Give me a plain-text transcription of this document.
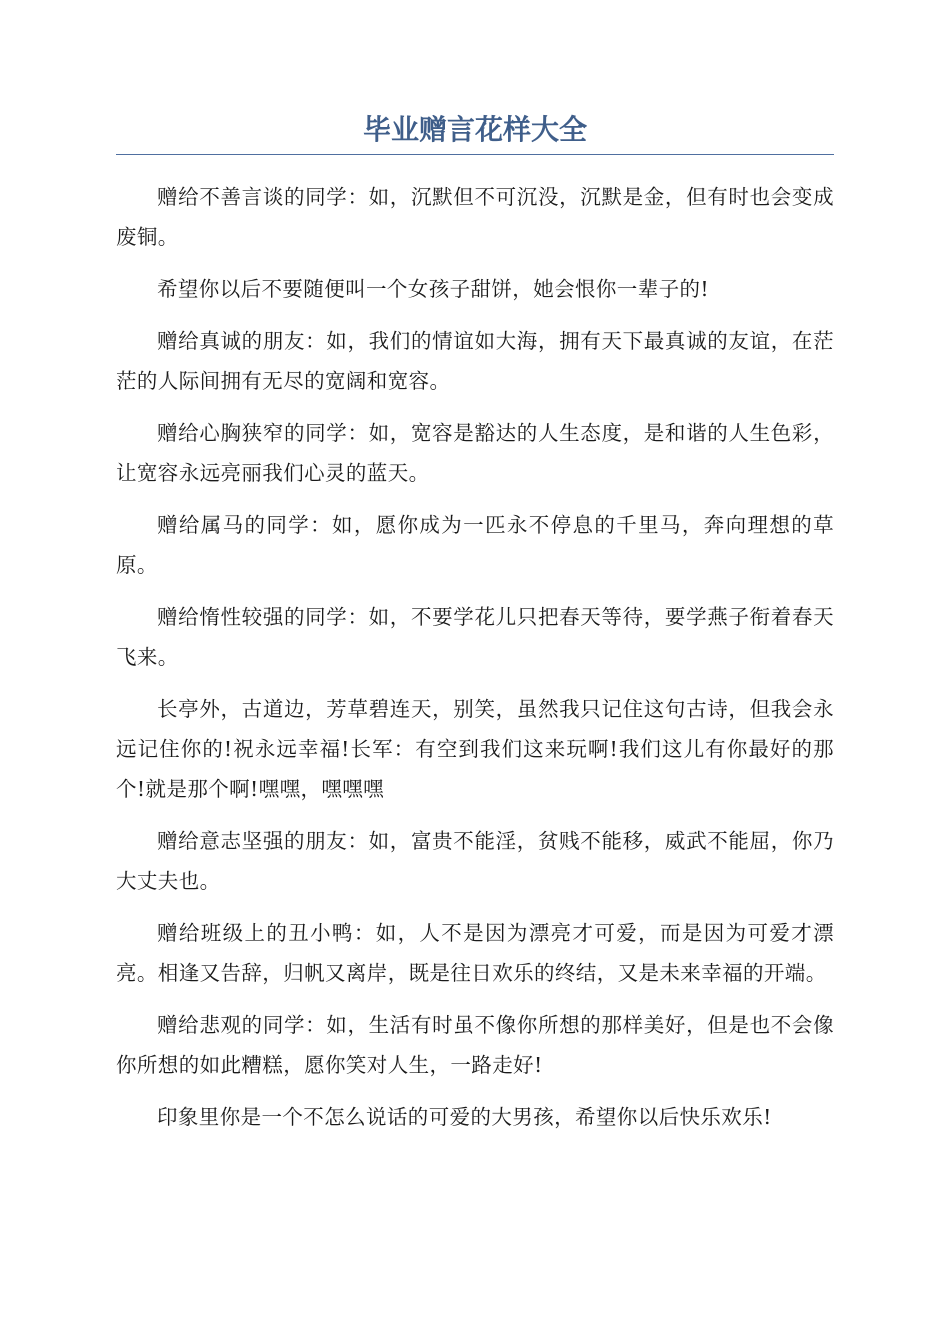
毕业赠言花样大全

赠给不善言谈的同学：如，沉默但不可沉没，沉默是金，但有时也会变成废铜。

希望你以后不要随便叫一个女孩子甜饼，她会恨你一辈子的!

赠给真诚的朋友：如，我们的情谊如大海，拥有天下最真诚的友谊，在茫茫的人际间拥有无尽的宽阔和宽容。

赠给心胸狭窄的同学：如，宽容是豁达的人生态度，是和谐的人生色彩，让宽容永远亮丽我们心灵的蓝天。

赠给属马的同学：如，愿你成为一匹永不停息的千里马，奔向理想的草原。

赠给惰性较强的同学：如，不要学花儿只把春天等待，要学燕子衔着春天飞来。

长亭外，古道边，芳草碧连天，别笑，虽然我只记住这句古诗，但我会永远记住你的!祝永远幸福!长军：有空到我们这来玩啊!我们这儿有你最好的那个!就是那个啊!嘿嘿，嘿嘿嘿

赠给意志坚强的朋友：如，富贵不能淫，贫贱不能移，威武不能屈，你乃大丈夫也。

赠给班级上的丑小鸭：如，人不是因为漂亮才可爱，而是因为可爱才漂亮。相逢又告辞，归帆又离岸，既是往日欢乐的终结，又是未来幸福的开端。

赠给悲观的同学：如，生活有时虽不像你所想的那样美好，但是也不会像你所想的如此糟糕，愿你笑对人生，一路走好!

印象里你是一个不怎么说话的可爱的大男孩，希望你以后快乐欢乐!
